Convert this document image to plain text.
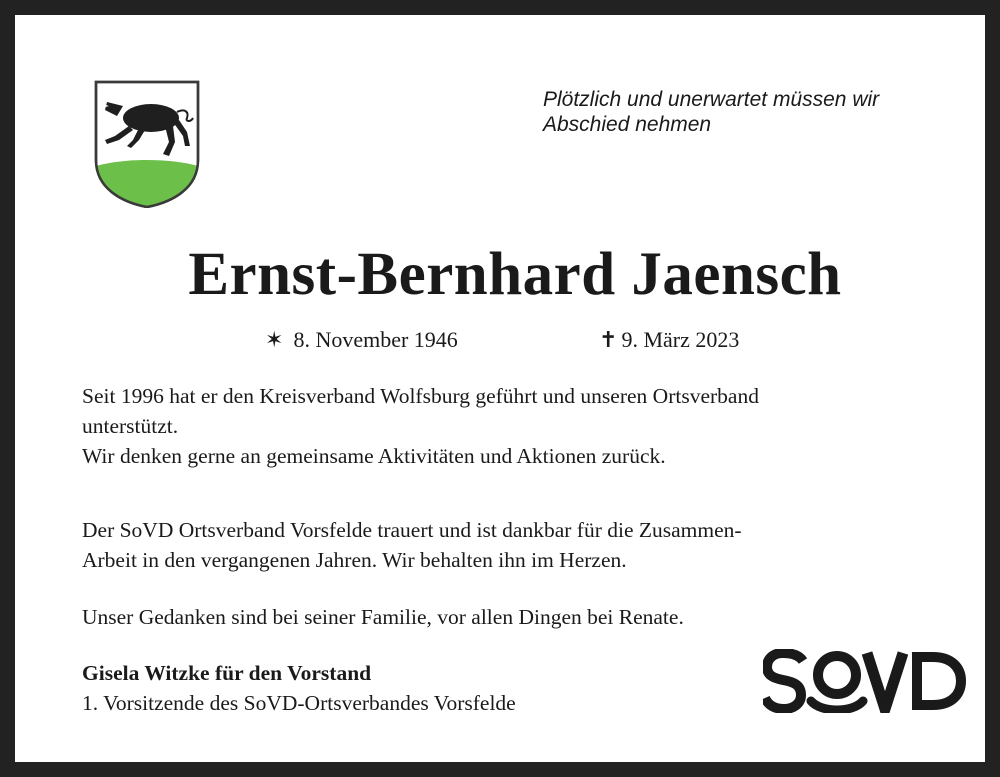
Plötzlich und unerwartet müssen wir
Abschied nehmen
Ernst-Bernhard Jaensch
✶ 8. November 1946	✝ 9. März 2023
Seit 1996 hat er den Kreisverband Wolfsburg geführt und unseren Ortsverband
unterstützt.
Wir denken gerne an gemeinsame Aktivitäten und Aktionen zurück.
Der SoVD Ortsverband Vorsfelde trauert und ist dankbar für die Zusammen-
Arbeit in den vergangenen Jahren. Wir behalten ihn im Herzen.
Unser Gedanken sind bei seiner Familie, vor allen Dingen bei Renate.
Gisela Witzke für den Vorstand
1. Vorsitzende des SoVD-Ortsverbandes Vorsfelde
